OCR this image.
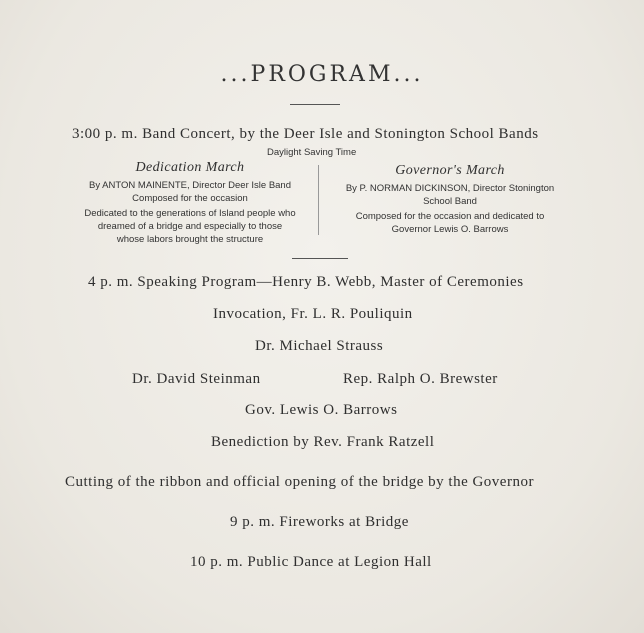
...PROGRAM...
3:00 p. m. Band Concert, by the Deer Isle and Stonington School Bands
Daylight Saving Time
Dedication March
By ANTON MAINENTE, Director Deer Isle Band
Composed for the occasion
Dedicated to the generations of Island people who
dreamed of a bridge and especially to those
whose labors brought the structure
Governor's March
By P. NORMAN DICKINSON, Director Stonington
School Band
Composed for the occasion and dedicated to
Governor Lewis O. Barrows
4 p. m. Speaking Program—Henry B. Webb, Master of Ceremonies
Invocation, Fr. L. R. Pouliquin
Dr. Michael Strauss
Dr. David Steinman	Rep. Ralph O. Brewster
Gov. Lewis O. Barrows
Benediction by Rev. Frank Ratzell
Cutting of the ribbon and official opening of the bridge by the Governor
9 p. m. Fireworks at Bridge
10 p. m. Public Dance at Legion Hall
